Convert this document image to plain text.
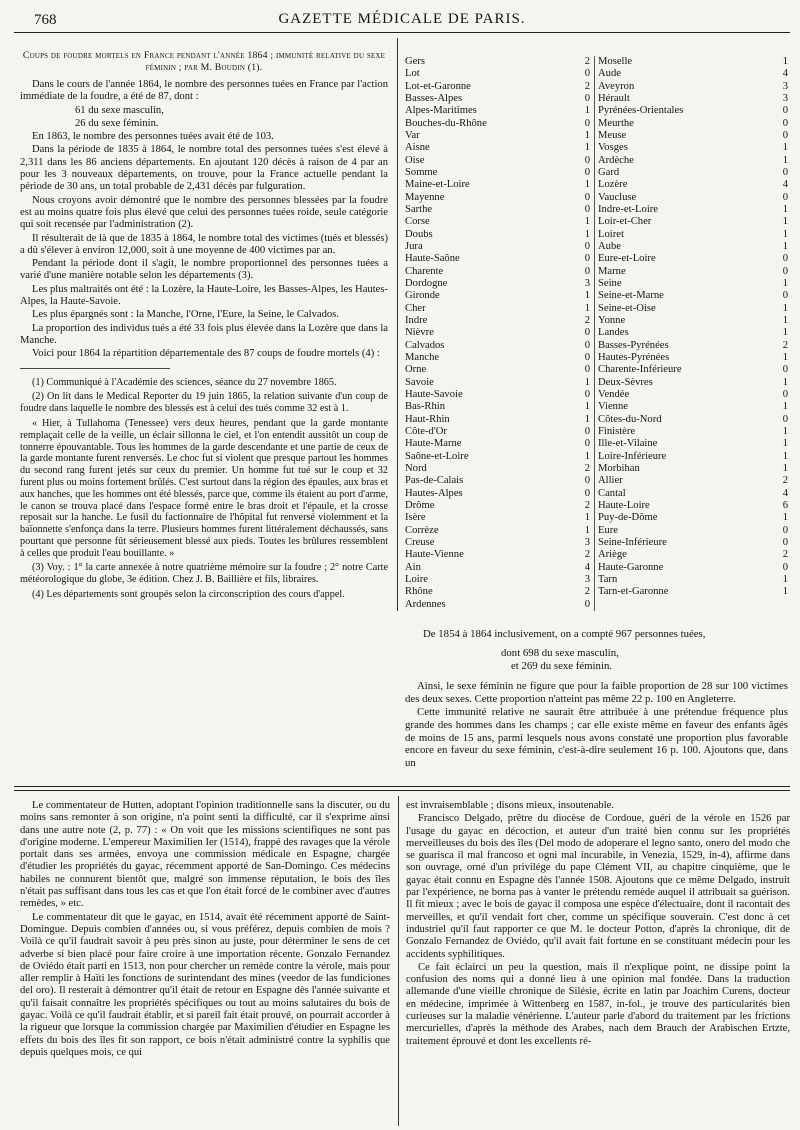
768	GAZETTE MÉDICALE DE PARIS.
Coups de foudre mortels en France pendant l'année 1864 ; immunité relative du sexe féminin ; par M. Boudin (1).

Dans le cours de l'année 1864, le nombre des personnes tuées en France par l'action immédiate de la foudre, a été de 87, dont :

61 du sexe masculin,

26 du sexe féminin.

En 1863, le nombre des personnes tuées avait été de 103.

Dans la période de 1835 à 1864, le nombre total des personnes tuées s'est élevé à 2,311 dans les 86 anciens départements. En ajoutant 120 décès à raison de 4 par an pour les 3 nouveaux départements, on trouve, pour la France actuelle pendant la période de 30 ans, un total probable de 2,431 décès par fulguration.

Nous croyons avoir démontré que le nombre des personnes blessées par la foudre est au moins quatre fois plus élevé que celui des personnes tuées roide, seule catégorie qui soit recensée par l'administration (2).

Il résulterait de là que de 1835 à 1864, le nombre total des victimes (tués et blessés) a dû s'élever à environ 12,000, soit à une moyenne de 400 victimes par an.

Pendant la période dont il s'agit, le nombre proportionnel des personnes tuées a varié d'une manière notable selon les départements (3).

Les plus maltraités ont été : la Lozère, la Haute-Loire, les Basses-Alpes, les Hautes-Alpes, la Haute-Savoie.

Les plus épargnés sont : la Manche, l'Orne, l'Eure, la Seine, le Calvados.

La proportion des individus tués a été 33 fois plus élevée dans la Lozère que dans la Manche.

Voici pour 1864 la répartition départementale des 87 coups de foudre mortels (4) :

(1) Communiqué à l'Académie des sciences, séance du 27 novembre 1865.

(2) On lit dans le Medical Reporter du 19 juin 1865, la relation suivante d'un coup de foudre dans laquelle le nombre des blessés est à celui des tués comme 32 est à 1.

« Hier, à Tullahoma (Tenessee) vers deux heures, pendant que la garde montante remplaçait celle de la veille, un éclair sillonna le ciel, et l'on entendit aussitôt un coup de tonnerre épouvantable. Tous les hommes de la garde descendante et une partie de ceux de la garde montante furent renversés. Le choc fut si violent que presque partout les hommes du second rang furent jetés sur ceux du premier. Un homme fut tué sur le coup et 32 furent plus ou moins fortement brûlés. C'est surtout dans la région des épaules, aux bras et aux hanches, que les hommes ont été blessés, parce que, comme ils étaient au port d'arme, le canon se trouva placé dans l'espace formé entre le bras droit et l'épaule, et la crosse reposait sur la hanche. Le fusil du factionnaire de l'hôpital fut renversé violemment et la baïonnette s'enfonça dans la terre. Plusieurs hommes furent littéralement déchaussés, sans pourtant que personne fût sérieusement blessé aux pieds. Toutes les brûlures ressemblent à celles que produit l'eau bouillante. »

(3) Voy. : 1° la carte annexée à notre quatrième mémoire sur la foudre ; 2° notre Carte météorologique du globe, 3e édition. Chez J. B. Baillière et fils, libraires.

(4) Les départements sont groupés selon la circonscription des cours d'appel.

Gers	2
Lot	0
Lot-et-Garonne	2
Basses-Alpes	0
Alpes-Maritimes	1
Bouches-du-Rhône	0
Var	1
Aisne	1
Oise	0
Somme	0
Maine-et-Loire	1
Mayenne	0
Sarthe	0
Corse	1
Doubs	1
Jura	0
Haute-Saône	0
Charente	0
Dordogne	3
Gironde	1
Cher	1
Indre	2
Nièvre	0
Calvados	0
Manche	0
Orne	0
Savoie	1
Haute-Savoie	0
Bas-Rhin	1
Haut-Rhin	1
Côte-d'Or	0
Haute-Marne	0
Saône-et-Loire	1
Nord	2
Pas-de-Calais	0
Hautes-Alpes	0
Drôme	2
Isère	1
Corrèze	1
Creuse	3
Haute-Vienne	2
Ain	4
Loire	3
Rhône	2
Ardennes	0
Moselle	1
Aude	4
Aveyron	3
Hérault	3
Pyrénées-Orientales	0
Meurthe	0
Meuse	0
Vosges	1
Ardèche	1
Gard	0
Lozère	4
Vaucluse	0
Indre-et-Loire	1
Loir-et-Cher	1
Loiret	1
Aube	1
Eure-et-Loire	0
Marne	0
Seine	1
Seine-et-Marne	0
Seine-et-Oise	1
Yonne	1
Landes	1
Basses-Pyrénées	2
Hautes-Pyrénées	1
Charente-Inférieure	0
Deux-Sèvres	1
Vendée	0
Vienne	1
Côtes-du-Nord	0
Finistère	1
Ille-et-Vilaine	1
Loire-Inférieure	1
Morbihan	1
Allier	2
Cantal	4
Haute-Loire	6
Puy-de-Dôme	1
Eure	0
Seine-Inférieure	0
Ariège	2
Haute-Garonne	0
Tarn	1
Tarn-et-Garonne	1

De 1854 à 1864 inclusivement, on a compté 967 personnes tuées,

dont 698 du sexe masculin,

et 269 du sexe féminin.

Ainsi, le sexe féminin ne figure que pour la faible proportion de 28 sur 100 victimes des deux sexes. Cette proportion n'atteint pas même 22 p. 100 en Angleterre.

Cette immunité relative ne saurait être attribuée à une prétendue fréquence plus grande des hommes dans les champs ; car elle existe même en faveur des enfants âgés de moins de 15 ans, parmi lesquels nous avons constaté une proportion plus favorable encore en faveur du sexe féminin, c'est-à-dire seulement 16 p. 100. Ajoutons que, dans un

Le commentateur de Hutten, adoptant l'opinion traditionnelle sans la discuter, ou du moins sans remonter à son origine, n'a point senti la difficulté, car il s'exprime ainsi dans une autre note (2, p. 77) : « On voit que les missions scientifiques ne sont pas d'origine moderne. L'empereur Maximilien Ier (1514), frappé des ravages que la vérole portait dans ses armées, envoya une commission médicale en Espagne, chargée d'étudier les propriétés du gayac, récemment apporté de San-Domingo. Ces médecins habiles ne connurent bientôt que, malgré son immense réputation, le bois des îles n'était pas suffisant dans tous les cas et que l'on était forcé de le combiner avec d'autres remèdes, » etc.

Le commentateur dit que le gayac, en 1514, avait été récemment apporté de Saint-Domingue. Depuis combien d'années ou, si vous préférez, depuis combien de mois ? Voilà ce qu'il faudrait savoir à peu près sinon au juste, pour déterminer le sens de cet adverbe si bien placé pour faire croire à une importation récente. Gonzalo Fernandez de Oviédo était parti en 1513, non pour chercher un remède contre la vérole, mais pour aller remplir à Haïti les fonctions de surintendant des mines (veedor de las fundiciones del oro). Il resterait à démontrer qu'il était de retour en Espagne dès l'année suivante et qu'il faisait connaître les propriétés spécifiques ou tout au moins salutaires du bois de gayac. Voilà ce qu'il faudrait établir, et si pareil fait était prouvé, on pourrait accorder à la rigueur que lorsque la commission chargée par Maximilien d'étudier en Espagne les effets du bois des îles fit son rapport, ce bois n'était administré contre la syphilis que depuis quelques mois, ce qui

est invraisemblable ; disons mieux, insoutenable.

Francisco Delgado, prêtre du diocèse de Cordoue, guéri de la vérole en 1526 par l'usage du gayac en décoction, et auteur d'un traité bien connu sur les propriétés merveilleuses du bois des îles (Del modo de adoperare el legno santo, onero del modo che se guarisca il mal francoso et ogni mal incurabile, in Venezia, 1529, in-4), affirme dans son ouvrage, orné d'un privilége du pape Clément VII, au chapitre cinquième, que le gayac était connu en Espagne dès l'année 1508. Ajoutons que ce même Delgado, instruit par l'expérience, ne borna pas à vanter le prétendu remède auquel il attribuait sa guérison. Il fit mieux ; avec le bois de gayac il composa une espèce d'électuaire, dont il racontait des merveilles, et qu'il vendait fort cher, comme un spécifique souverain. C'est donc à cet industriel qu'il faut rapporter ce que M. le docteur Potton, d'après la chronique, dit de Gonzalo Fernandez de Oviédo, qu'il avait fait fortune en se constituant médecin pour les accidents syphilitiques.

Ce fait éclairci un peu la question, mais il n'explique point, ne dissipe point la confusion des noms qui a donné lieu à une opinion mal fondée. Dans la traduction allemande d'une vieille chronique de Silésie, écrite en latin par Joachim Curens, docteur en médecine, imprimée à Wittenberg en 1587, in-fol., je trouve des particularités bien curieuses sur la maladie vénérienne. L'auteur parle d'abord du traitement par les frictions mercurielles, d'après la méthode des Arabes, nach dem Brauch der Arabischen Ertzte, traitement éprouvé et dont les excellents ré-
